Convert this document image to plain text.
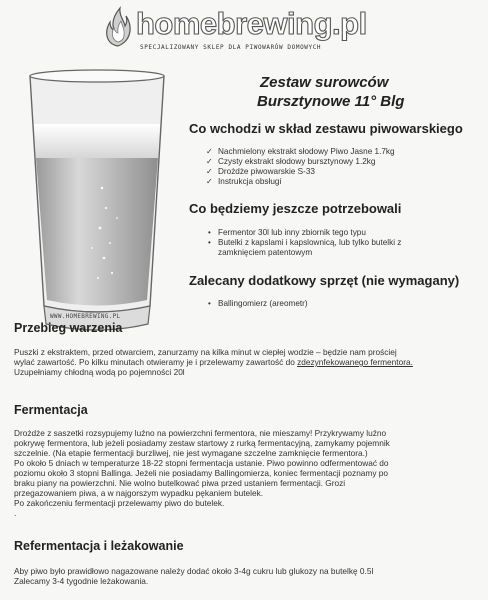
homebrewing.pl
SPECJALIZOWANY SKLEP DLA PIWOWARÓW DOMOWYCH
WWW.HOMEBREWING.PL
Zestaw surowców
Bursztynowe 11° Blg
Co wchodzi w skład zestawu piwowarskiego
✓ Nachmielony ekstrakt słodowy Piwo Jasne 1.7kg
✓ Czysty ekstrakt słodowy bursztynowy 1.2kg
✓ Drożdże piwowarskie S-33
✓ Instrukcja obsługi
Co będziemy jeszcze potrzebowali
• Fermentor 30l lub inny zbiornik tego typu
• Butelki z kapslami i kapslownicą, lub tylko butelki z
zamknięciem patentowym
Zalecany dodatkowy sprzęt (nie wymagany)
• Ballingomierz (areometr)
Przebieg warzenia

Puszki z ekstraktem, przed otwarciem, zanurzamy na kilka minut w ciepłej wodzie – będzie nam prościej

wylać zawartość. Po kilku minutach otwieramy je i przelewamy zawartość do zdezynfekowanego fermentora.

Uzupełniamy chłodną wodą po pojemności 20l

Fermentacja

Drożdże z saszetki rozsypujemy luźno na powierzchni fermentora, nie mieszamy! Przykrywamy luźno

pokrywę fermentora, lub jeżeli posiadamy zestaw startowy z rurką fermentacyjną, zamykamy pojemnik

szczelnie. (Na etapie fermentacji burzliwej, nie jest wymagane szczelne zamknięcie fermentora.)

Po około 5 dniach w temperaturze 18-22 stopni fermentacja ustanie. Piwo powinno odfermentować do

poziomu około 3 stopni Ballinga. Jeżeli nie posiadamy Ballingomierza, koniec fermentacji poznamy po

braku piany na powierzchni. Nie wolno butelkować piwa przed ustaniem fermentacji. Grozi

przegazowaniem piwa, a w najgorszym wypadku pękaniem butelek.

Po zakończeniu fermentacji przelewamy piwo do butelek.

.

Refermentacja i leżakowanie

Aby piwo było prawidłowo nagazowane należy dodać około 3-4g cukru lub glukozy na butelkę 0.5l

Zalecamy 3-4 tygodnie leżakowania.
